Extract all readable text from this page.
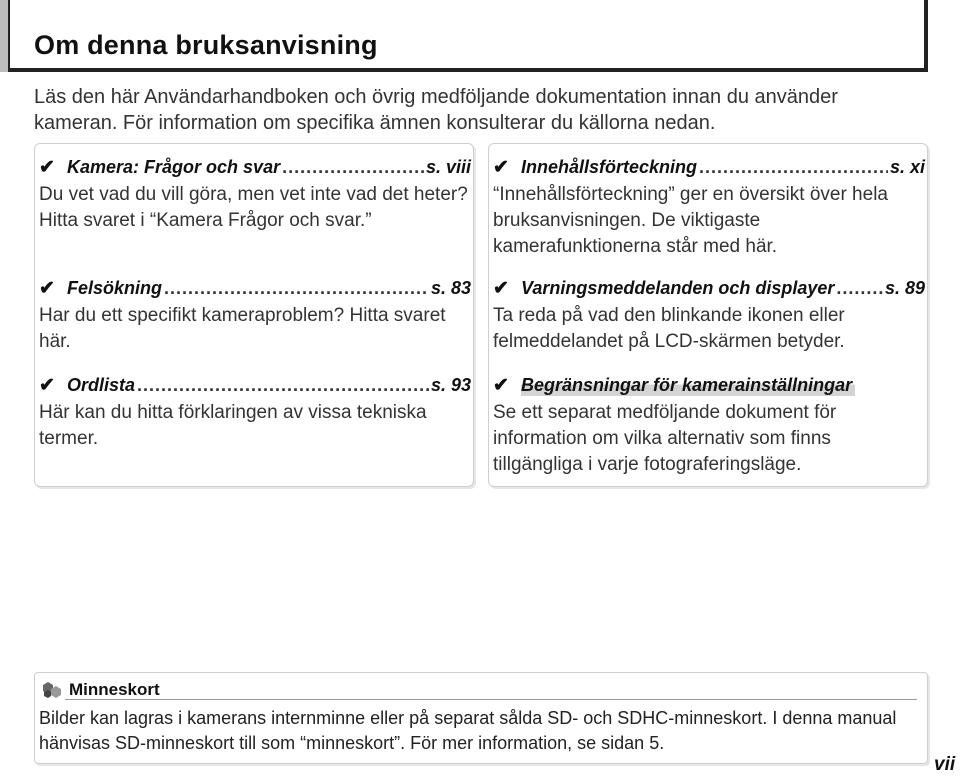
Om denna bruksanvisning
Läs den här Användarhandboken och övrig medföljande dokumentation innan du använder kameran. För information om specifika ämnen konsulterar du källorna nedan.
✔ Kamera: Frågor och svar .....	s. viii
Du vet vad du vill göra, men vet inte vad det heter? Hitta svaret i “Kamera Frågor och svar.”
✔ Felsökning .....	s. 83
Har du ett specifikt kameraproblem? Hitta svaret här.
✔ Ordlista .....	s. 93
Här kan du hitta förklaringen av vissa tekniska termer.
✔ Innehållsförteckning .....	s. xi
“Innehållsförteckning” ger en översikt över hela bruksanvisningen. De viktigaste kamerafunktionerna står med här.
✔ Varningsmeddelanden och displayer .....	s. 89
Ta reda på vad den blinkande ikonen eller felmeddelandet på LCD-skärmen betyder.
✔ Begränsningar för kamerainställningar
Se ett separat medföljande dokument för information om vilka alternativ som finns tillgängliga i varje fotograferingsläge.
Minneskort
Bilder kan lagras i kamerans internminne eller på separat sålda SD- och SDHC-minneskort. I denna manual hänvisas SD-minneskort till som “minneskort”. För mer information, se sidan 5.
vii
